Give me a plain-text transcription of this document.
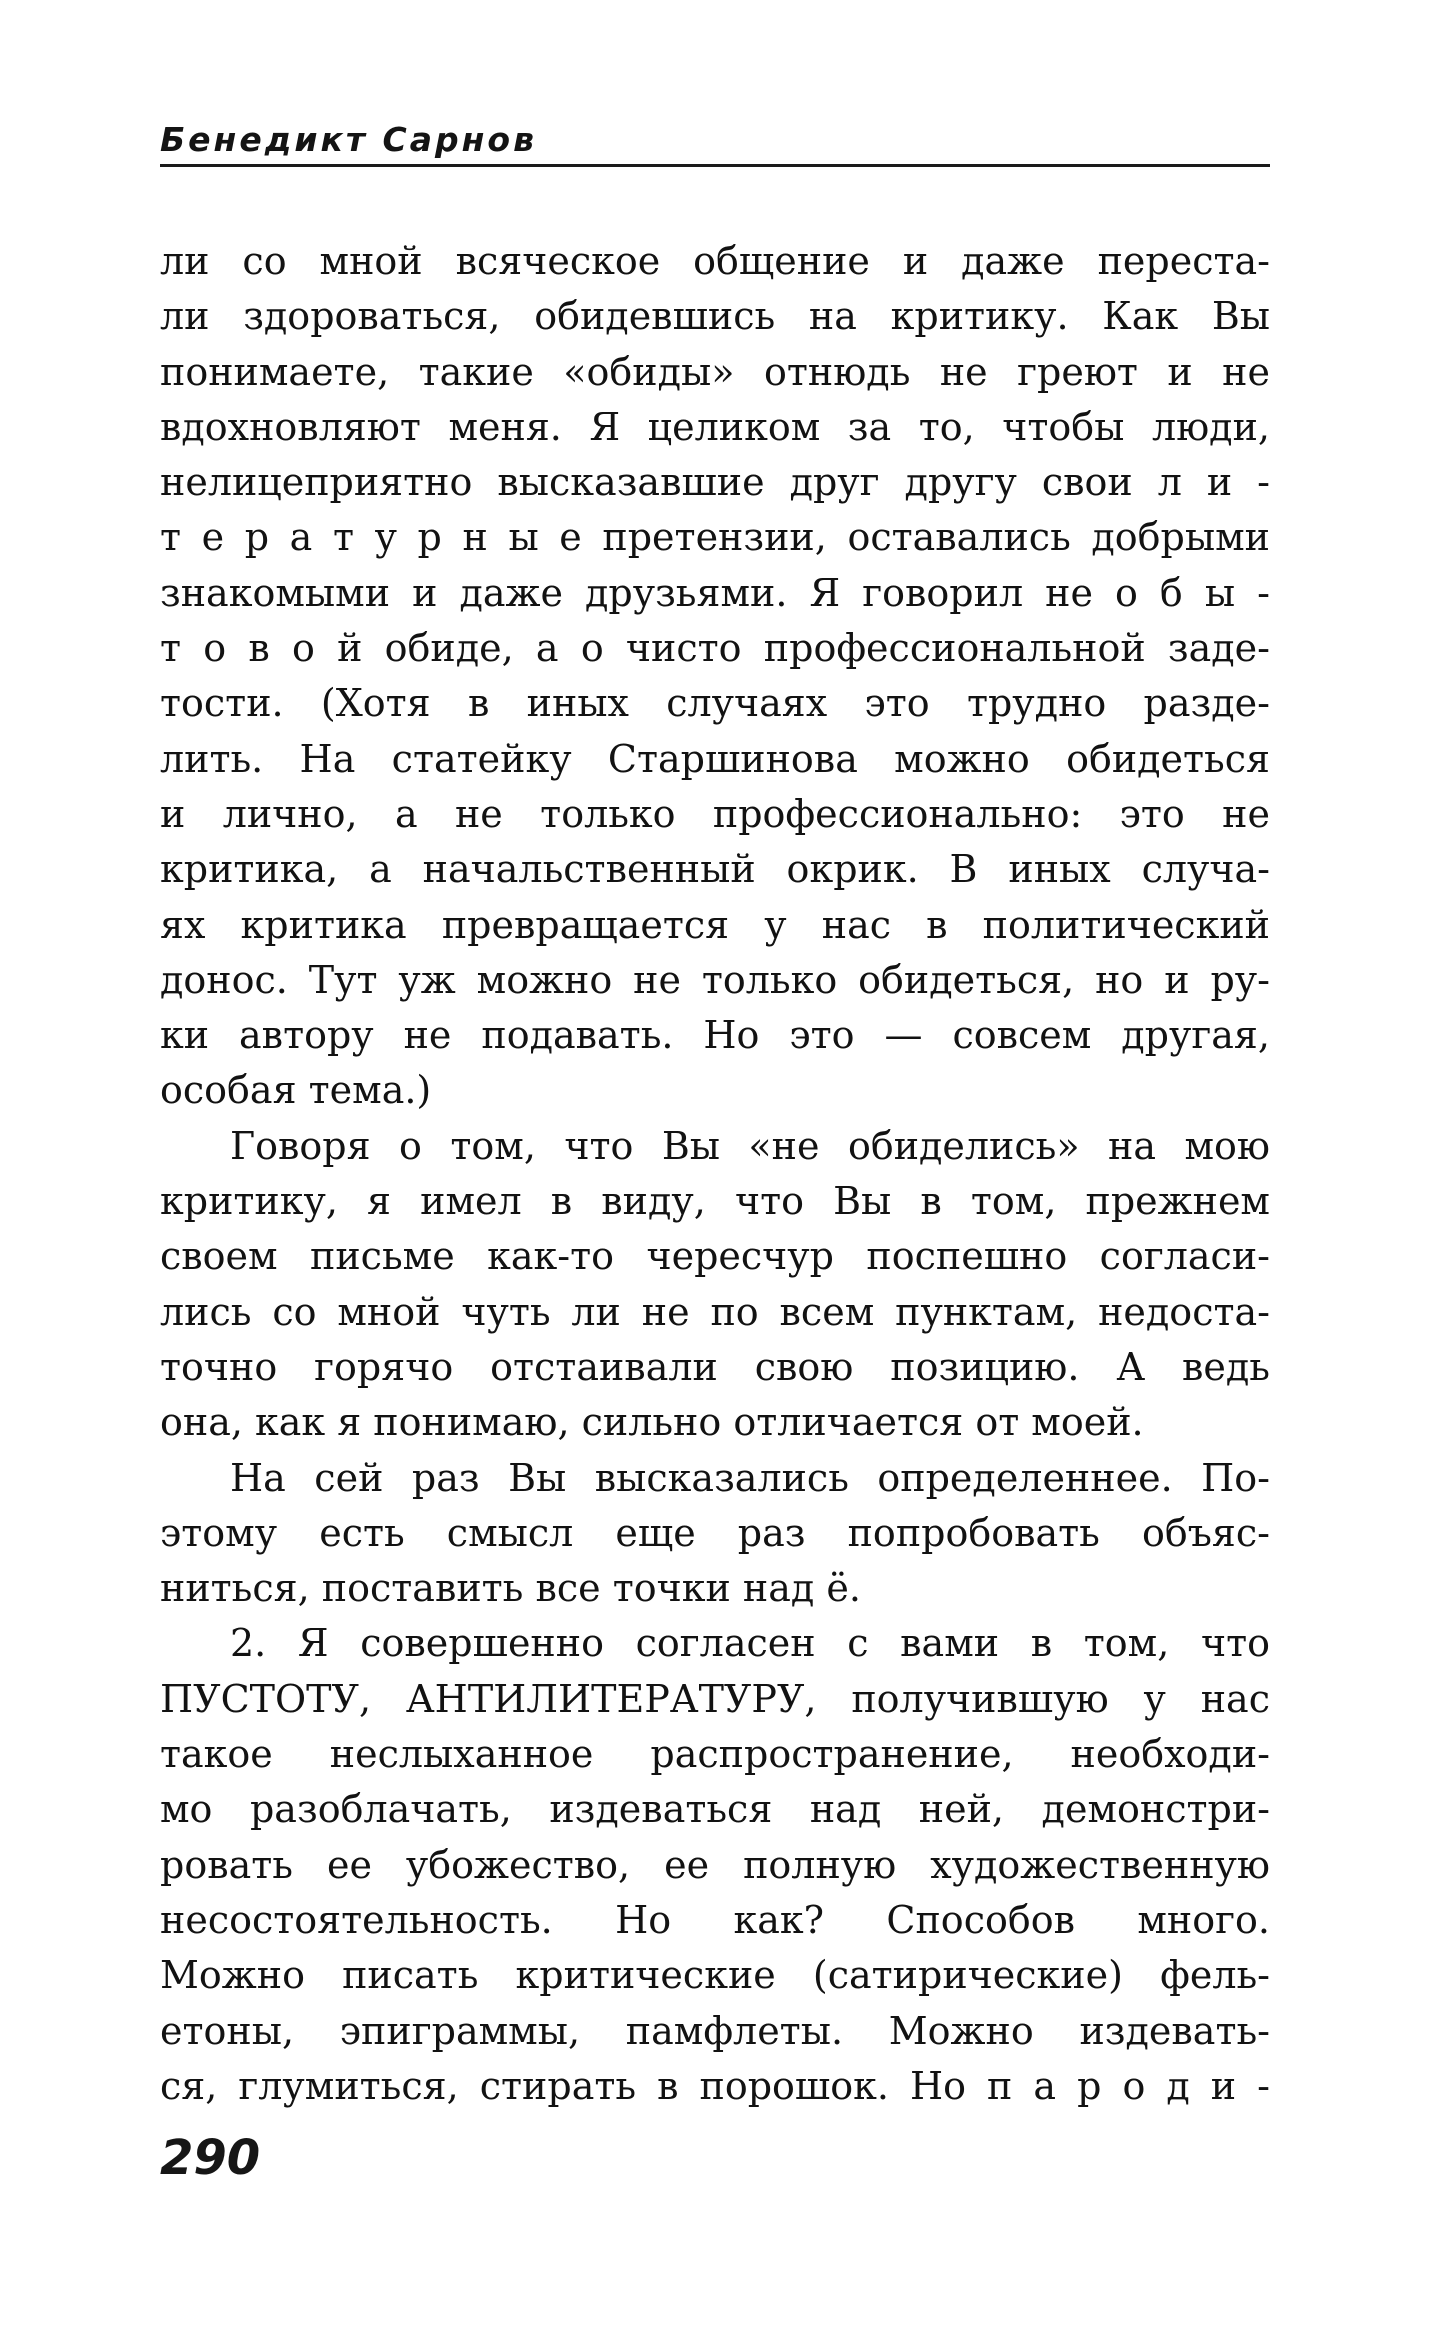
Бенедикт Сарнов
ли со мной всяческое общение и даже переста-
ли здороваться, обидевшись на критику. Как Вы
понимаете, такие «обиды» отнюдь не греют и не
вдохновляют меня. Я целиком за то, чтобы люди,
нелицеприятно высказавшие друг другу свои л и -
т е р а т у р н ы е претензии, оставались добрыми
знакомыми и даже друзьями. Я говорил не о б ы -
т о в о й обиде, а о чисто профессиональной заде-
тости. (Хотя в иных случаях это трудно разде-
лить. На статейку Старшинова можно обидеться
и лично, а не только профессионально: это не
критика, а начальственный окрик. В иных случа-
ях критика превращается у нас в политический
донос. Тут уж можно не только обидеться, но и ру-
ки автору не подавать. Но это — совсем другая,
особая тема.)
Говоря о том, что Вы «не обиделись» на мою
критику, я имел в виду, что Вы в том, прежнем
своем письме как-то чересчур поспешно согласи-
лись со мной чуть ли не по всем пунктам, недоста-
точно горячо отстаивали свою позицию. А ведь
она, как я понимаю, сильно отличается от моей.
На сей раз Вы высказались определеннее. По-
этому есть смысл еще раз попробовать объяс-
ниться, поставить все точки над ё.
2. Я совершенно согласен с вами в том, что
ПУСТОТУ, АНТИЛИТЕРАТУРУ, получившую у нас
такое неслыханное распространение, необходи-
мо разоблачать, издеваться над ней, демонстри-
ровать ее убожество, ее полную художественную
несостоятельность. Но как? Способов много.
Можно писать критические (сатирические) фель-
етоны, эпиграммы, памфлеты. Можно издевать-
ся, глумиться, стирать в порошок. Но п а р о д и -
290
